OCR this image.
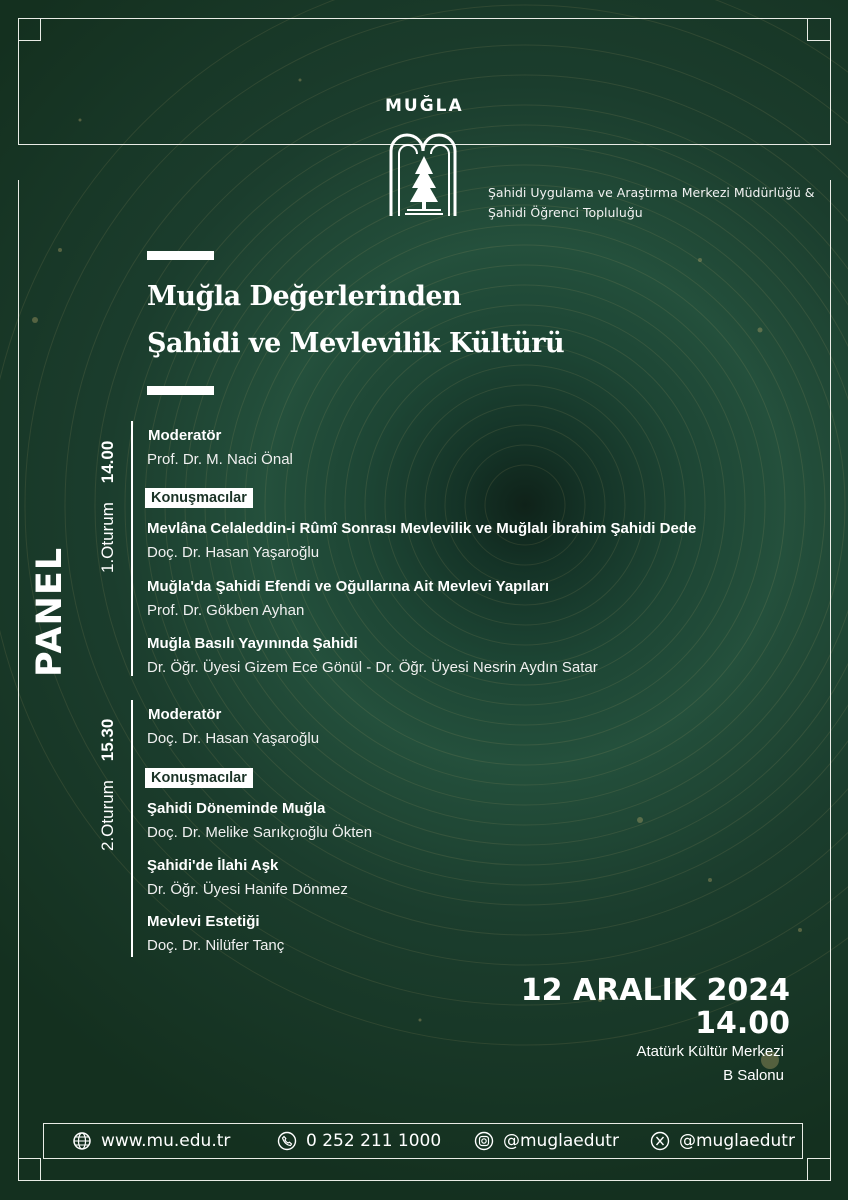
MUĞLA
Şahidi Uygulama ve Araştırma Merkezi Müdürlüğü &
Şahidi Öğrenci Topluluğu
Muğla Değerlerinden
Şahidi ve Mevlevilik Kültürü
PANEL
1.Oturum    14.00
Moderatör
Prof. Dr. M. Naci Önal
Konuşmacılar
Mevlâna Celaleddin-i Rûmî Sonrası Mevlevilik ve Muğlalı İbrahim Şahidi Dede
Doç. Dr. Hasan Yaşaroğlu
Muğla'da Şahidi Efendi ve Oğullarına Ait Mevlevi Yapıları
Prof. Dr. Gökben Ayhan
Muğla Basılı Yayınında Şahidi
Dr. Öğr. Üyesi Gizem Ece Gönül - Dr. Öğr. Üyesi Nesrin Aydın Satar
2.Oturum    15.30
Moderatör
Doç. Dr. Hasan Yaşaroğlu
Konuşmacılar
Şahidi Döneminde Muğla
Doç. Dr. Melike Sarıkçıoğlu Ökten
Şahidi'de İlahi Aşk
Dr. Öğr. Üyesi Hanife Dönmez
Mevlevi Estetiği
Doç. Dr. Nilüfer Tanç
12 ARALIK 2024
14.00
Atatürk Kültür Merkezi
B Salonu
www.mu.edu.tr	0 252 211 1000	@muglaedutr	@muglaedutr
